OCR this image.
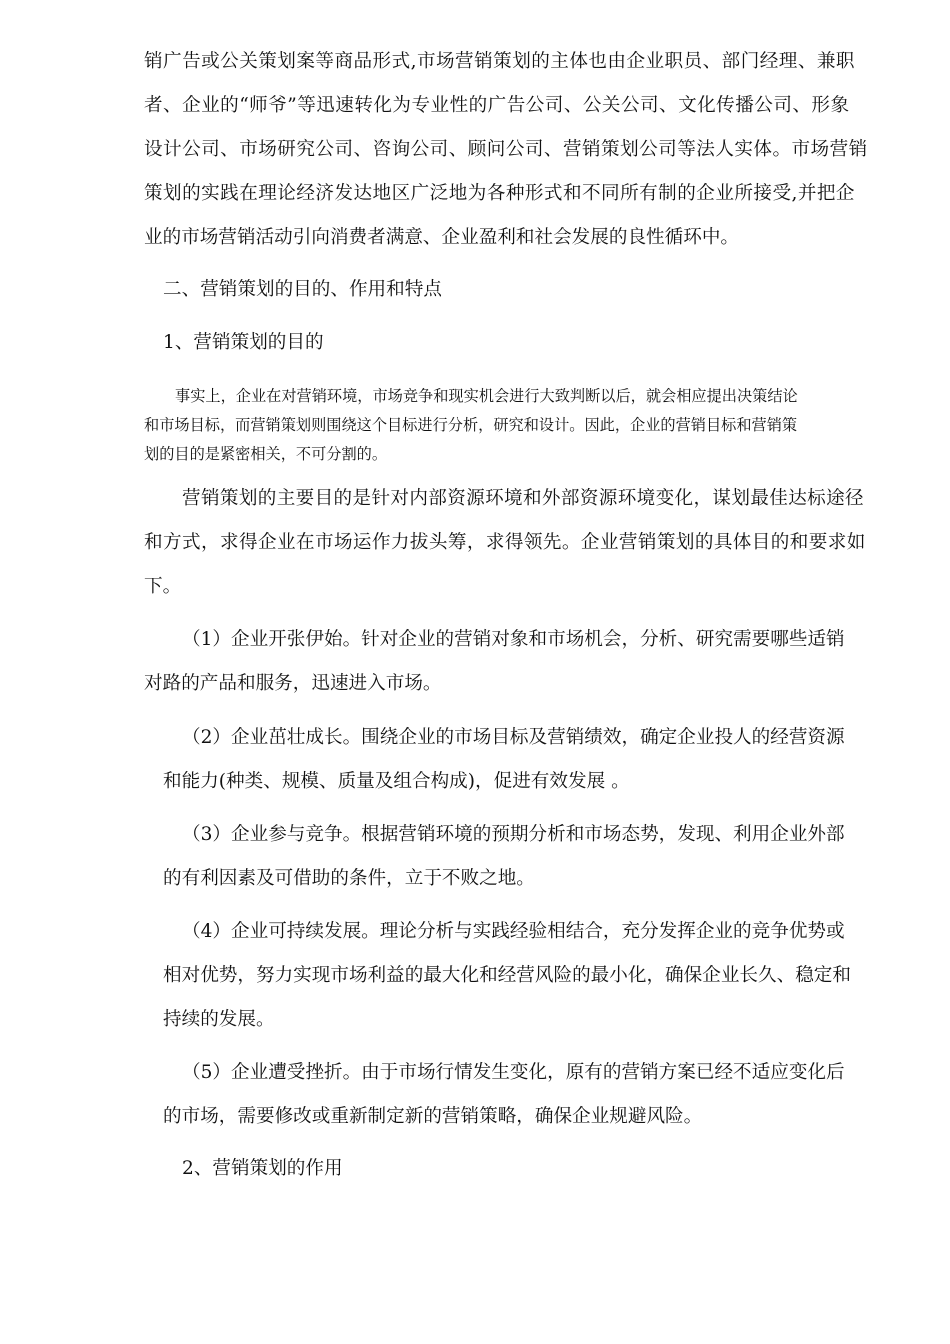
销广告或公关策划案等商品形式,市场营销策划的主体也由企业职员、部门经理、兼职
者、企业的“师爷”等迅速转化为专业性的广告公司、公关公司、文化传播公司、形象
设计公司、市场研究公司、咨询公司、顾问公司、营销策划公司等法人实体。市场营销
策划的实践在理论经济发达地区广泛地为各种形式和不同所有制的企业所接受,并把企
业的市场营销活动引向消费者满意、企业盈利和社会发展的良性循环中。
二、营销策划的目的、作用和特点
1、营销策划的目的
事实上，企业在对营销环境，市场竞争和现实机会进行大致判断以后，就会相应提出决策结论
和市场目标，而营销策划则围绕这个目标进行分析，研究和设计。因此，企业的营销目标和营销策
划的目的是紧密相关，不可分割的。
营销策划的主要目的是针对内部资源环境和外部资源环境变化，谋划最佳达标途径
和方式，求得企业在市场运作力拔头筹，求得领先。企业营销策划的具体目的和要求如
下。
（1）企业开张伊始。针对企业的营销对象和市场机会，分析、研究需要哪些适销
对路的产品和服务，迅速进入市场。
（2）企业茁壮成长。围绕企业的市场目标及营销绩效，确定企业投人的经营资源
和能力(种类、规模、质量及组合构成)，促进有效发展 。
（3）企业参与竞争。根据营销环境的预期分析和市场态势，发现、利用企业外部
的有利因素及可借助的条件，立于不败之地。
（4）企业可持续发展。理论分析与实践经验相结合，充分发挥企业的竞争优势或
相对优势，努力实现市场利益的最大化和经营风险的最小化，确保企业长久、稳定和
持续的发展。
（5）企业遭受挫折。由于市场行情发生变化，原有的营销方案已经不适应变化后
的市场，需要修改或重新制定新的营销策略，确保企业规避风险。
2、营销策划的作用
